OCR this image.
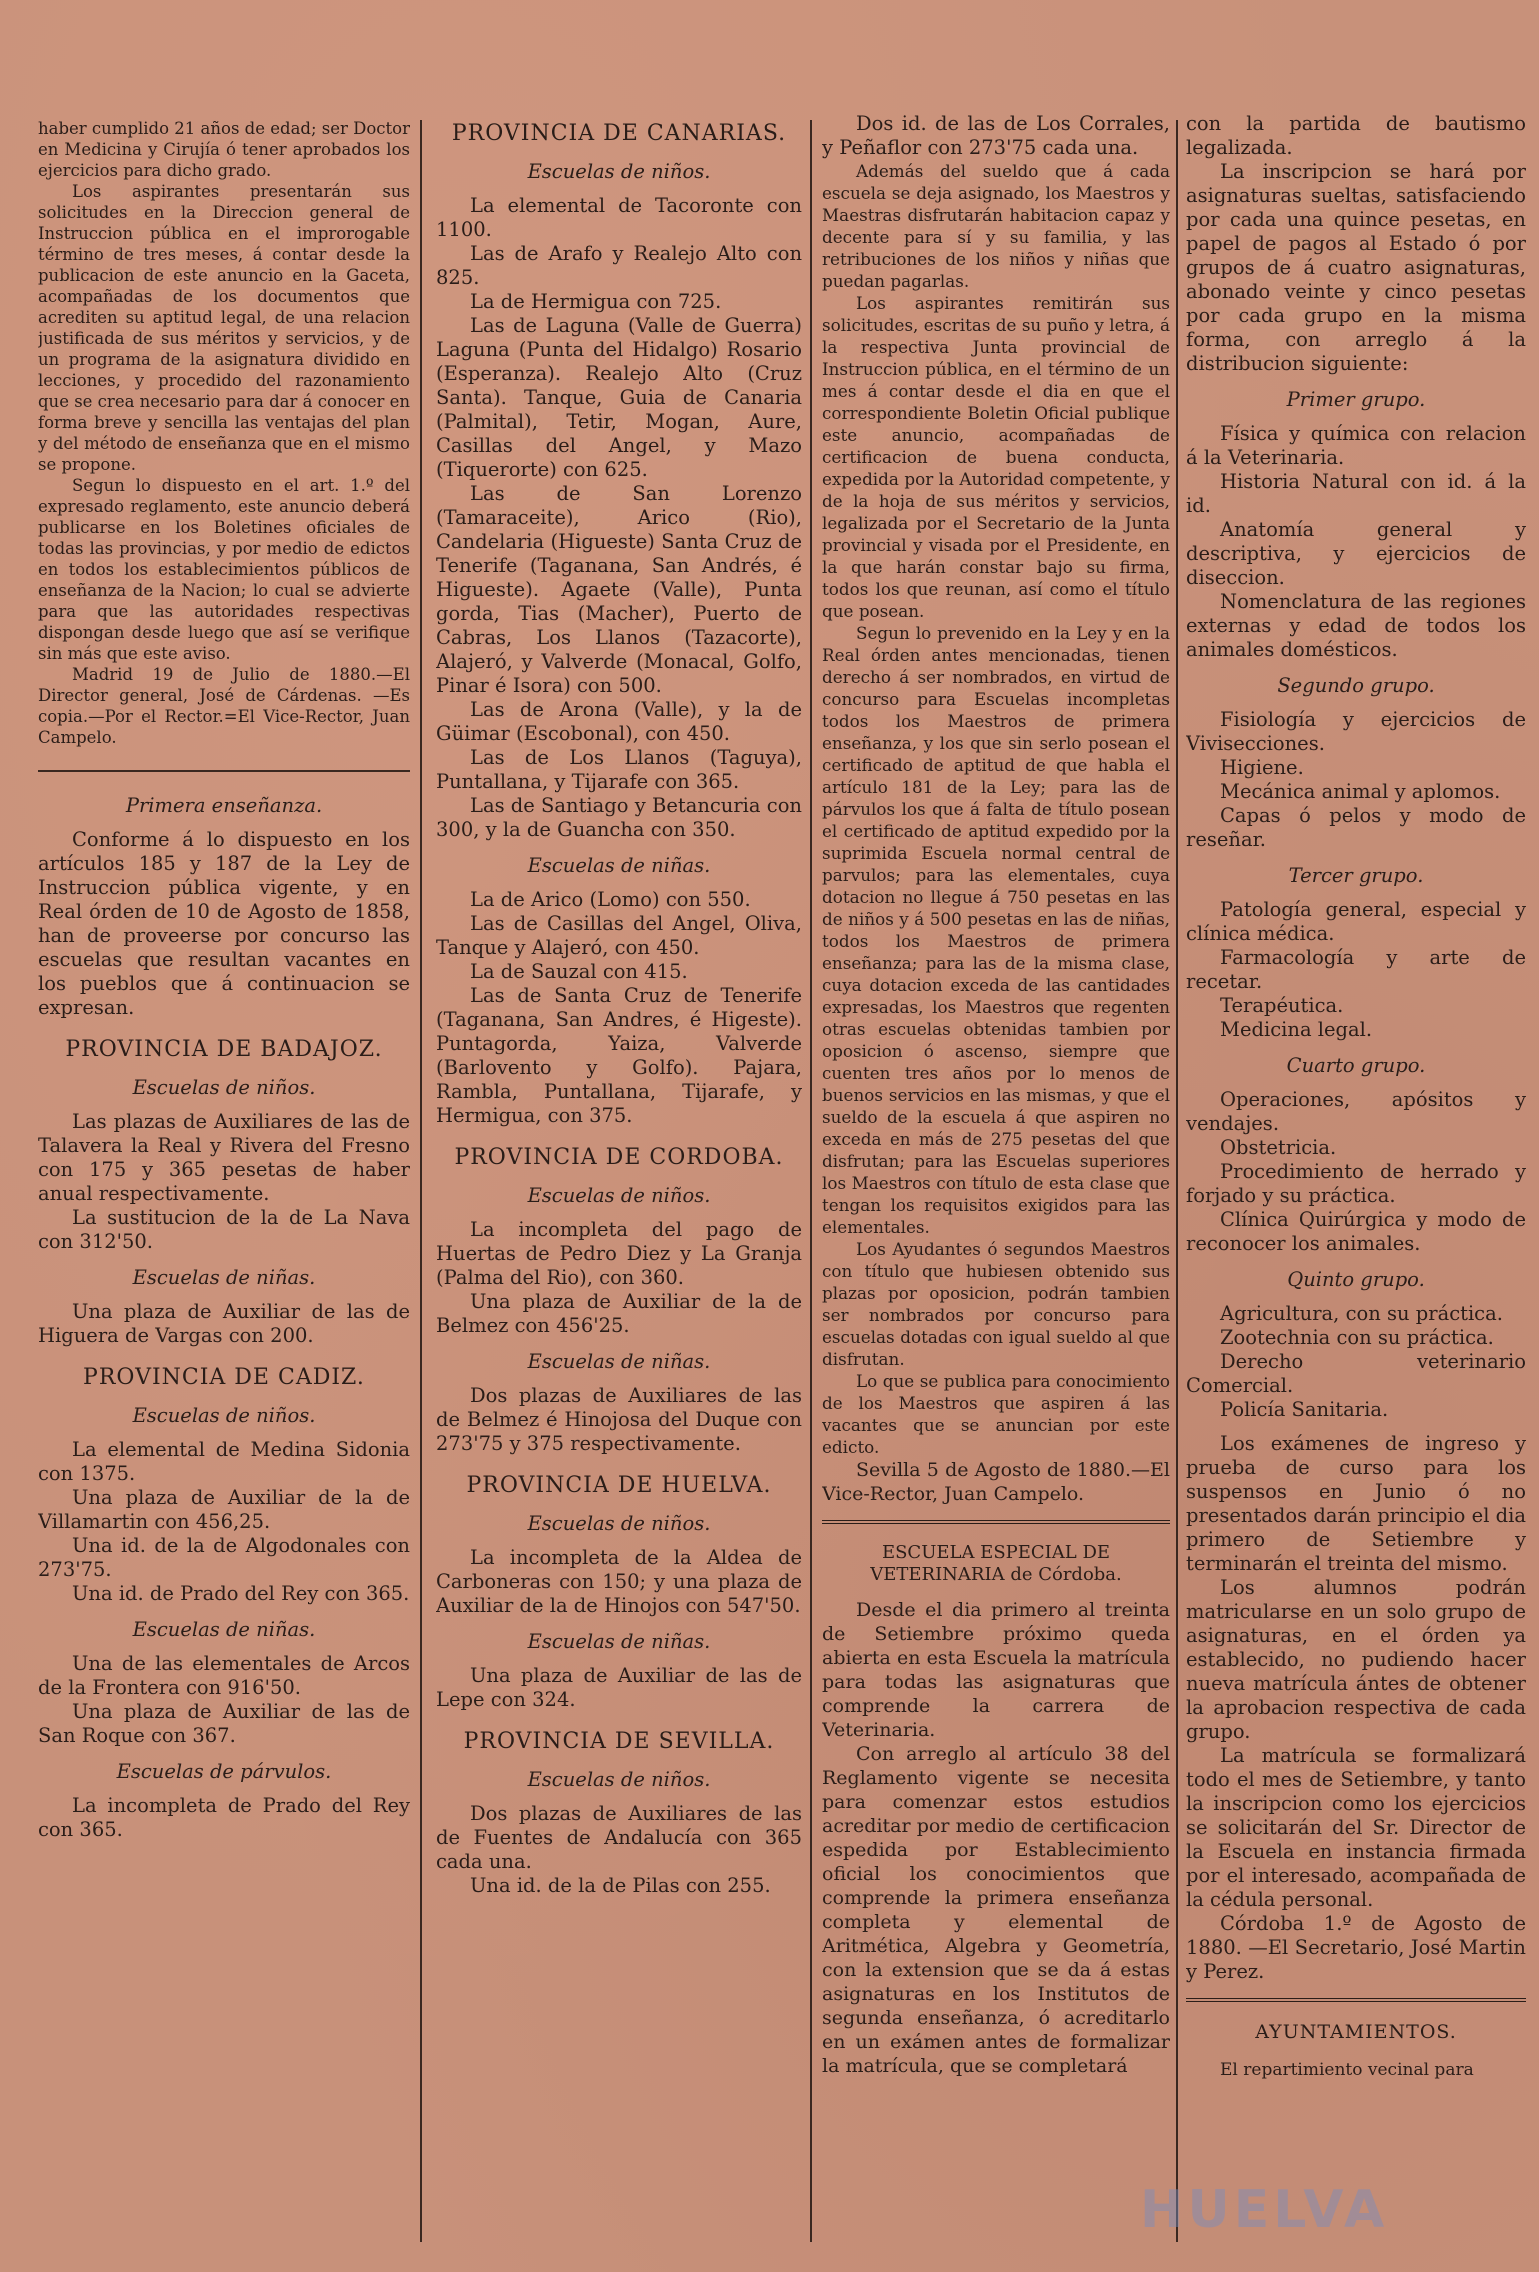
haber cumplido 21 años de edad; ser Doctor en Medicina y Cirujía ó tener aprobados los ejercicios para dicho grado.

Los aspirantes presentarán sus solicitudes en la Direccion general de Instruccion pública en el improrogable término de tres meses, á contar desde la publicacion de este anuncio en la Gaceta, acompañadas de los documentos que acrediten su aptitud legal, de una relacion justificada de sus méritos y servicios, y de un programa de la asignatura dividido en lecciones, y procedido del razonamiento que se crea necesario para dar á conocer en forma breve y sencilla las ventajas del plan y del método de enseñanza que en el mismo se propone.

Segun lo dispuesto en el art. 1.º del expresado reglamento, este anuncio deberá publicarse en los Boletines oficiales de todas las provincias, y por medio de edictos en todos los establecimientos públicos de enseñanza de la Nacion; lo cual se advierte para que las autoridades respectivas dispongan desde luego que así se verifique sin más que este aviso.

Madrid 19 de Julio de 1880.—El Director general, José de Cárdenas. —Es copia.—Por el Rector.=El Vice-Rector, Juan Campelo.

Primera enseñanza.

Conforme á lo dispuesto en los artículos 185 y 187 de la Ley de Instruccion pública vigente, y en Real órden de 10 de Agosto de 1858, han de proveerse por concurso las escuelas que resultan vacantes en los pueblos que á continuacion se expresan.

PROVINCIA DE BADAJOZ.

Escuelas de niños.

Las plazas de Auxiliares de las de Talavera la Real y Rivera del Fresno con 175 y 365 pesetas de haber anual respectivamente.

La sustitucion de la de La Nava con 312'50.

Escuelas de niñas.

Una plaza de Auxiliar de las de Higuera de Vargas con 200.

PROVINCIA DE CADIZ.

Escuelas de niños.

La elemental de Medina Sidonia con 1375.

Una plaza de Auxiliar de la de Villamartin con 456,25.

Una id. de la de Algodonales con 273'75.

Una id. de Prado del Rey con 365.

Escuelas de niñas.

Una de las elementales de Arcos de la Frontera con 916'50.

Una plaza de Auxiliar de las de San Roque con 367.

Escuelas de párvulos.

La incompleta de Prado del Rey con 365.

PROVINCIA DE CANARIAS.

Escuelas de niños.

La elemental de Tacoronte con 1100.

Las de Arafo y Realejo Alto con 825.

La de Hermigua con 725.

Las de Laguna (Valle de Guerra) Laguna (Punta del Hidalgo) Rosario (Esperanza). Realejo Alto (Cruz Santa). Tanque, Guia de Canaria (Palmital), Tetir, Mogan, Aure, Casillas del Angel, y Mazo (Tiquerorte) con 625.

Las de San Lorenzo (Tamaraceite), Arico (Rio), Candelaria (Higueste) Santa Cruz de Tenerife (Taganana, San Andrés, é Higueste). Agaete (Valle), Punta gorda, Tias (Macher), Puerto de Cabras, Los Llanos (Tazacorte), Alajeró, y Valverde (Monacal, Golfo, Pinar é Isora) con 500.

Las de Arona (Valle), y la de Güimar (Escobonal), con 450.

Las de Los Llanos (Taguya), Puntallana, y Tijarafe con 365.

Las de Santiago y Betancuria con 300, y la de Guancha con 350.

Escuelas de niñas.

La de Arico (Lomo) con 550.

Las de Casillas del Angel, Oliva, Tanque y Alajeró, con 450.

La de Sauzal con 415.

Las de Santa Cruz de Tenerife (Taganana, San Andres, é Higeste). Puntagorda, Yaiza, Valverde (Barlovento y Golfo). Pajara, Rambla, Puntallana, Tijarafe, y Hermigua, con 375.

PROVINCIA DE CORDOBA.

Escuelas de niños.

La incompleta del pago de Huertas de Pedro Diez y La Granja (Palma del Rio), con 360.

Una plaza de Auxiliar de la de Belmez con 456'25.

Escuelas de niñas.

Dos plazas de Auxiliares de las de Belmez é Hinojosa del Duque con 273'75 y 375 respectivamente.

PROVINCIA DE HUELVA.

Escuelas de niños.

La incompleta de la Aldea de Carboneras con 150; y una plaza de Auxiliar de la de Hinojos con 547'50.

Escuelas de niñas.

Una plaza de Auxiliar de las de Lepe con 324.

PROVINCIA DE SEVILLA.

Escuelas de niños.

Dos plazas de Auxiliares de las de Fuentes de Andalucía con 365 cada una.

Una id. de la de Pilas con 255.

Dos id. de las de Los Corrales, y Peñaflor con 273'75 cada una.

Además del sueldo que á cada escuela se deja asignado, los Maestros y Maestras disfrutarán habitacion capaz y decente para sí y su familia, y las retribuciones de los niños y niñas que puedan pagarlas.

Los aspirantes remitirán sus solicitudes, escritas de su puño y letra, á la respectiva Junta provincial de Instruccion pública, en el término de un mes á contar desde el dia en que el correspondiente Boletin Oficial publique este anuncio, acompañadas de certificacion de buena conducta, expedida por la Autoridad competente, y de la hoja de sus méritos y servicios, legalizada por el Secretario de la Junta provincial y visada por el Presidente, en la que harán constar bajo su firma, todos los que reunan, así como el título que posean.

Segun lo prevenido en la Ley y en la Real órden antes mencionadas, tienen derecho á ser nombrados, en virtud de concurso para Escuelas incompletas todos los Maestros de primera enseñanza, y los que sin serlo posean el certificado de aptitud de que habla el artículo 181 de la Ley; para las de párvulos los que á falta de título posean el certificado de aptitud expedido por la suprimida Escuela normal central de parvulos; para las elementales, cuya dotacion no llegue á 750 pesetas en las de niños y á 500 pesetas en las de niñas, todos los Maestros de primera enseñanza; para las de la misma clase, cuya dotacion exceda de las cantidades expresadas, los Maestros que regenten otras escuelas obtenidas tambien por oposicion ó ascenso, siempre que cuenten tres años por lo menos de buenos servicios en las mismas, y que el sueldo de la escuela á que aspiren no exceda en más de 275 pesetas del que disfrutan; para las Escuelas superiores los Maestros con título de esta clase que tengan los requisitos exigidos para las elementales.

Los Ayudantes ó segundos Maestros con título que hubiesen obtenido sus plazas por oposicion, podrán tambien ser nombrados por concurso para escuelas dotadas con igual sueldo al que disfrutan.

Lo que se publica para conocimiento de los Maestros que aspiren á las vacantes que se anuncian por este edicto.

Sevilla 5 de Agosto de 1880.—El Vice-Rector, Juan Campelo.

ESCUELA ESPECIAL DE VETERINARIA de Córdoba.

Desde el dia primero al treinta de Setiembre próximo queda abierta en esta Escuela la matrícula para todas las asignaturas que comprende la carrera de Veterinaria.

Con arreglo al artículo 38 del Reglamento vigente se necesita para comenzar estos estudios acreditar por medio de certificacion espedida por Establecimiento oficial los conocimientos que comprende la primera enseñanza completa y elemental de Aritmética, Algebra y Geometría, con la extension que se da á estas asignaturas en los Institutos de segunda enseñanza, ó acreditarlo en un exámen antes de formalizar la matrícula, que se completará

con la partida de bautismo legalizada.

La inscripcion se hará por asignaturas sueltas, satisfaciendo por cada una quince pesetas, en papel de pagos al Estado ó por grupos de á cuatro asignaturas, abonado veinte y cinco pesetas por cada grupo en la misma forma, con arreglo á la distribucion siguiente:

Primer grupo.

Física y química con relacion á la Veterinaria.

Historia Natural con id. á la id.

Anatomía general y descriptiva, y ejercicios de diseccion.

Nomenclatura de las regiones externas y edad de todos los animales domésticos.

Segundo grupo.

Fisiología y ejercicios de Vivisecciones.

Higiene.

Mecánica animal y aplomos.

Capas ó pelos y modo de reseñar.

Tercer grupo.

Patología general, especial y clínica médica.

Farmacología y arte de recetar.

Terapéutica.

Medicina legal.

Cuarto grupo.

Operaciones, apósitos y vendajes.

Obstetricia.

Procedimiento de herrado y forjado y su práctica.

Clínica Quirúrgica y modo de reconocer los animales.

Quinto grupo.

Agricultura, con su práctica.

Zootechnia con su práctica.

Derecho veterinario Comercial.

Policía Sanitaria.

Los exámenes de ingreso y prueba de curso para los suspensos en Junio ó no presentados darán principio el dia primero de Setiembre y terminarán el treinta del mismo.

Los alumnos podrán matricularse en un solo grupo de asignaturas, en el órden ya establecido, no pudiendo hacer nueva matrícula ántes de obtener la aprobacion respectiva de cada grupo.

La matrícula se formalizará todo el mes de Setiembre, y tanto la inscripcion como los ejercicios se solicitarán del Sr. Director de la Escuela en instancia firmada por el interesado, acompañada de la cédula personal.

Córdoba 1.º de Agosto de 1880. —El Secretario, José Martin y Perez.

AYUNTAMIENTOS.

El repartimiento vecinal para

HUELVA
